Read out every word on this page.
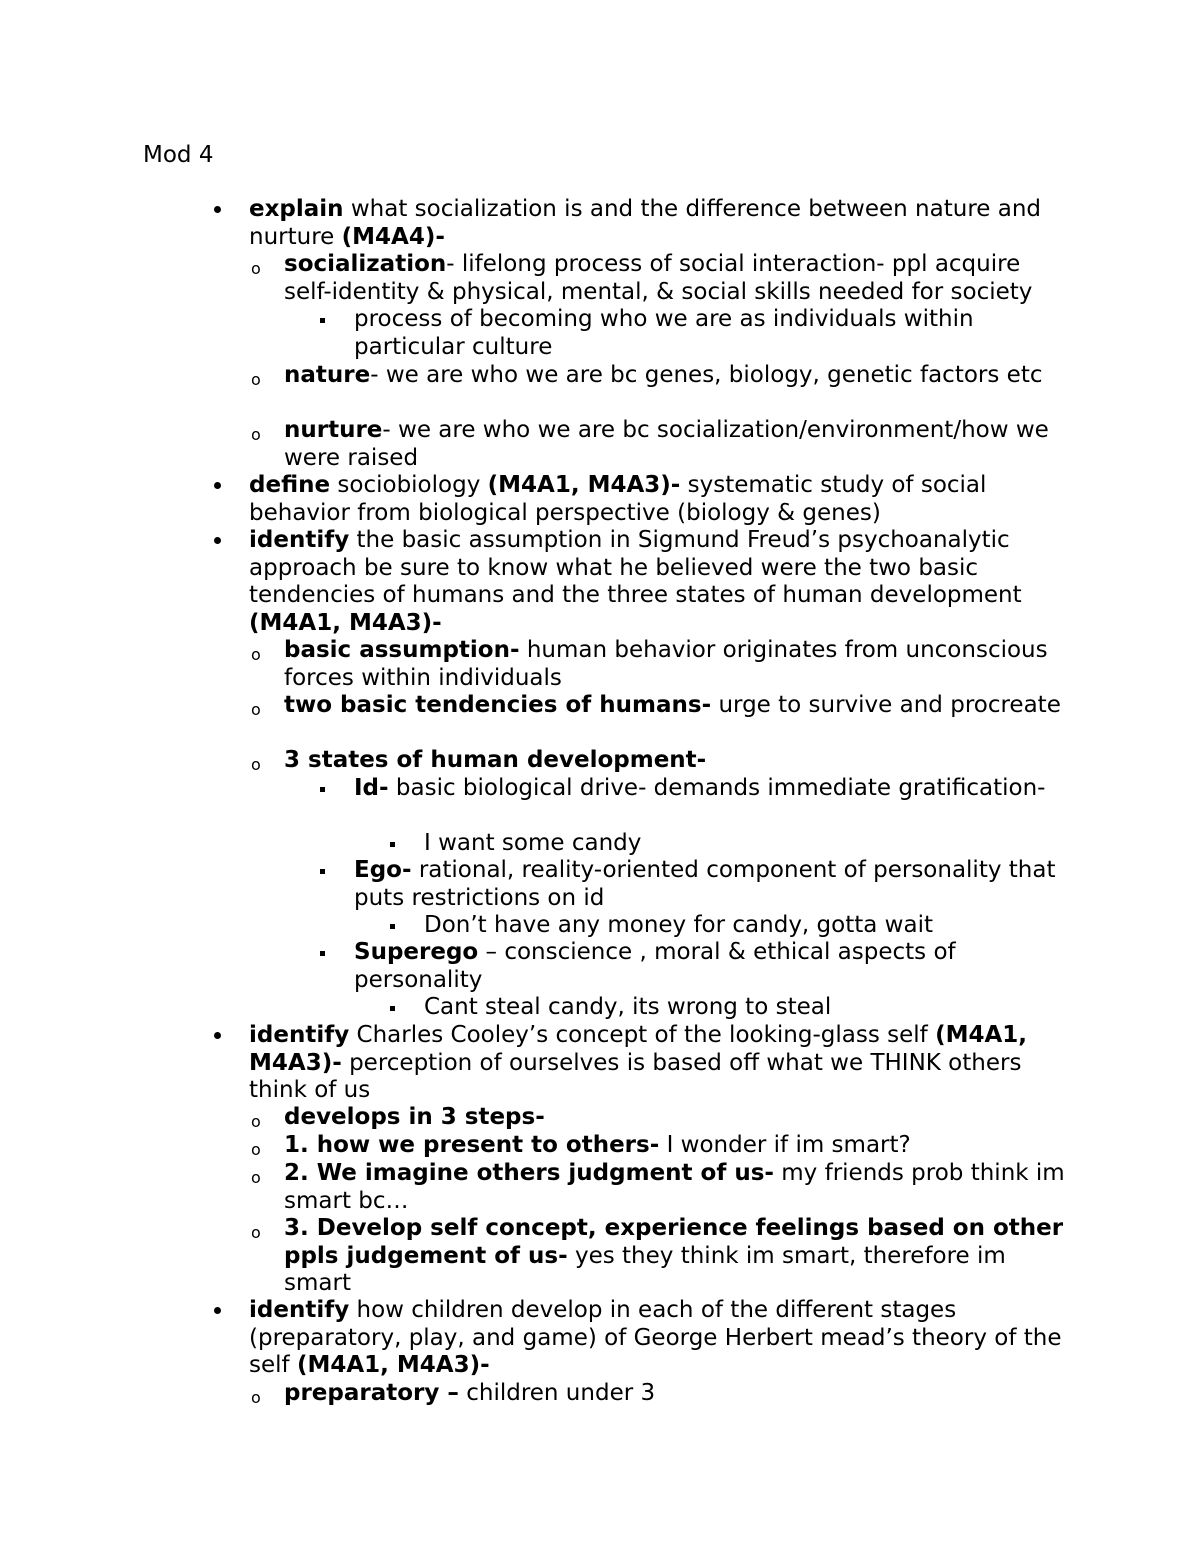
Mod 4

explain what socialization is and the difference between nature and nurture (M4A4)-

o socialization- lifelong process of social interaction- ppl acquire self-identity & physical, mental, & social skills needed for society

process of becoming who we are as individuals within particular culture

o nature- we are who we are bc genes, biology, genetic factors etc

o nurture- we are who we are bc socialization/environment/how we were raised

define sociobiology (M4A1, M4A3)- systematic study of social behavior from biological perspective (biology & genes)

identify the basic assumption in Sigmund Freud’s psychoanalytic approach be sure to know what he believed were the two basic tendencies of humans and the three states of human development (M4A1, M4A3)-

o basic assumption- human behavior originates from unconscious forces within individuals

o two basic tendencies of humans- urge to survive and procreate

o 3 states of human development-

Id- basic biological drive- demands immediate gratification-

I want some candy

Ego- rational, reality-oriented component of personality that puts restrictions on id

Don’t have any money for candy, gotta wait

Superego – conscience , moral & ethical aspects of personality

Cant steal candy, its wrong to steal

identify Charles Cooley’s concept of the looking-glass self (M4A1, M4A3)- perception of ourselves is based off what we THINK others think of us

o develops in 3 steps-

o 1. how we present to others- I wonder if im smart?

o 2. We imagine others judgment of us- my friends prob think im smart bc…

o 3. Develop self concept, experience feelings based on other ppls judgement of us- yes they think im smart, therefore im smart

identify how children develop in each of the different stages (preparatory, play, and game) of George Herbert mead’s theory of the self (M4A1, M4A3)-

o preparatory – children under 3
